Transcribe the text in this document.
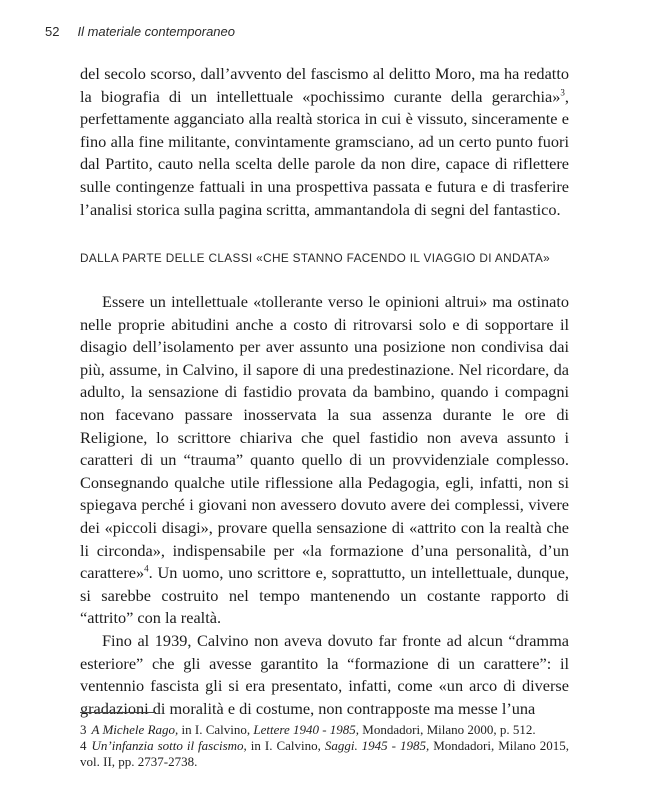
52 Il materiale contemporaneo

del secolo scorso, dall’avvento del fascismo al delitto Moro, ma ha redatto la biografia di un intellettuale «pochissimo curante della gerarchia»$^3$, perfettamente agganciato alla realtà storica in cui è vissuto, sinceramente e fino alla fine militante, convintamente gramsciano, ad un certo punto fuori dal Partito, cauto nella scelta delle parole da non dire, capace di riflettere sulle contingenze fattuali in una prospettiva passata e futura e di trasferire l’analisi storica sulla pagina scritta, ammantandola di segni del fantastico.

DALLA PARTE DELLE CLASSI «CHE STANNO FACENDO IL VIAGGIO DI ANDATA»

Essere un intellettuale «tollerante verso le opinioni altrui» ma ostinato nelle proprie abitudini anche a costo di ritrovarsi solo e di sopportare il disagio dell’isolamento per aver assunto una posizione non condivisa dai più, assume, in Calvino, il sapore di una predestinazione. Nel ricordare, da adulto, la sensazione di fastidio provata da bambino, quando i compagni non facevano passare inosservata la sua assenza durante le ore di Religione, lo scrittore chiariva che quel fastidio non aveva assunto i caratteri di un “trauma” quanto quello di un provvidenziale complesso. Consegnando qualche utile riflessione alla Pedagogia, egli, infatti, non si spiegava perché i giovani non avessero dovuto avere dei complessi, vivere dei «piccoli disagi», provare quella sensazione di «attrito con la realtà che li circonda», indispensabile per «la formazione d’una personalità, d’un carattere»$^4$. Un uomo, uno scrittore e, soprattutto, un intellettuale, dunque, si sarebbe costruito nel tempo mantenendo un costante rapporto di “attrito” con la realtà.

Fino al 1939, Calvino non aveva dovuto far fronte ad alcun “dramma esteriore” che gli avesse garantito la “formazione di un carattere”: il ventennio fascista gli si era presentato, infatti, come «un arco di diverse gradazioni di moralità e di costume, non contrapposte ma messe l’una

3 A Michele Rago, in I. Calvino, Lettere 1940 - 1985, Mondadori, Milano 2000, p. 512.

4 Un’infanzia sotto il fascismo, in I. Calvino, Saggi. 1945 - 1985, Mondadori, Milano 2015, vol. II, pp. 2737-2738.
